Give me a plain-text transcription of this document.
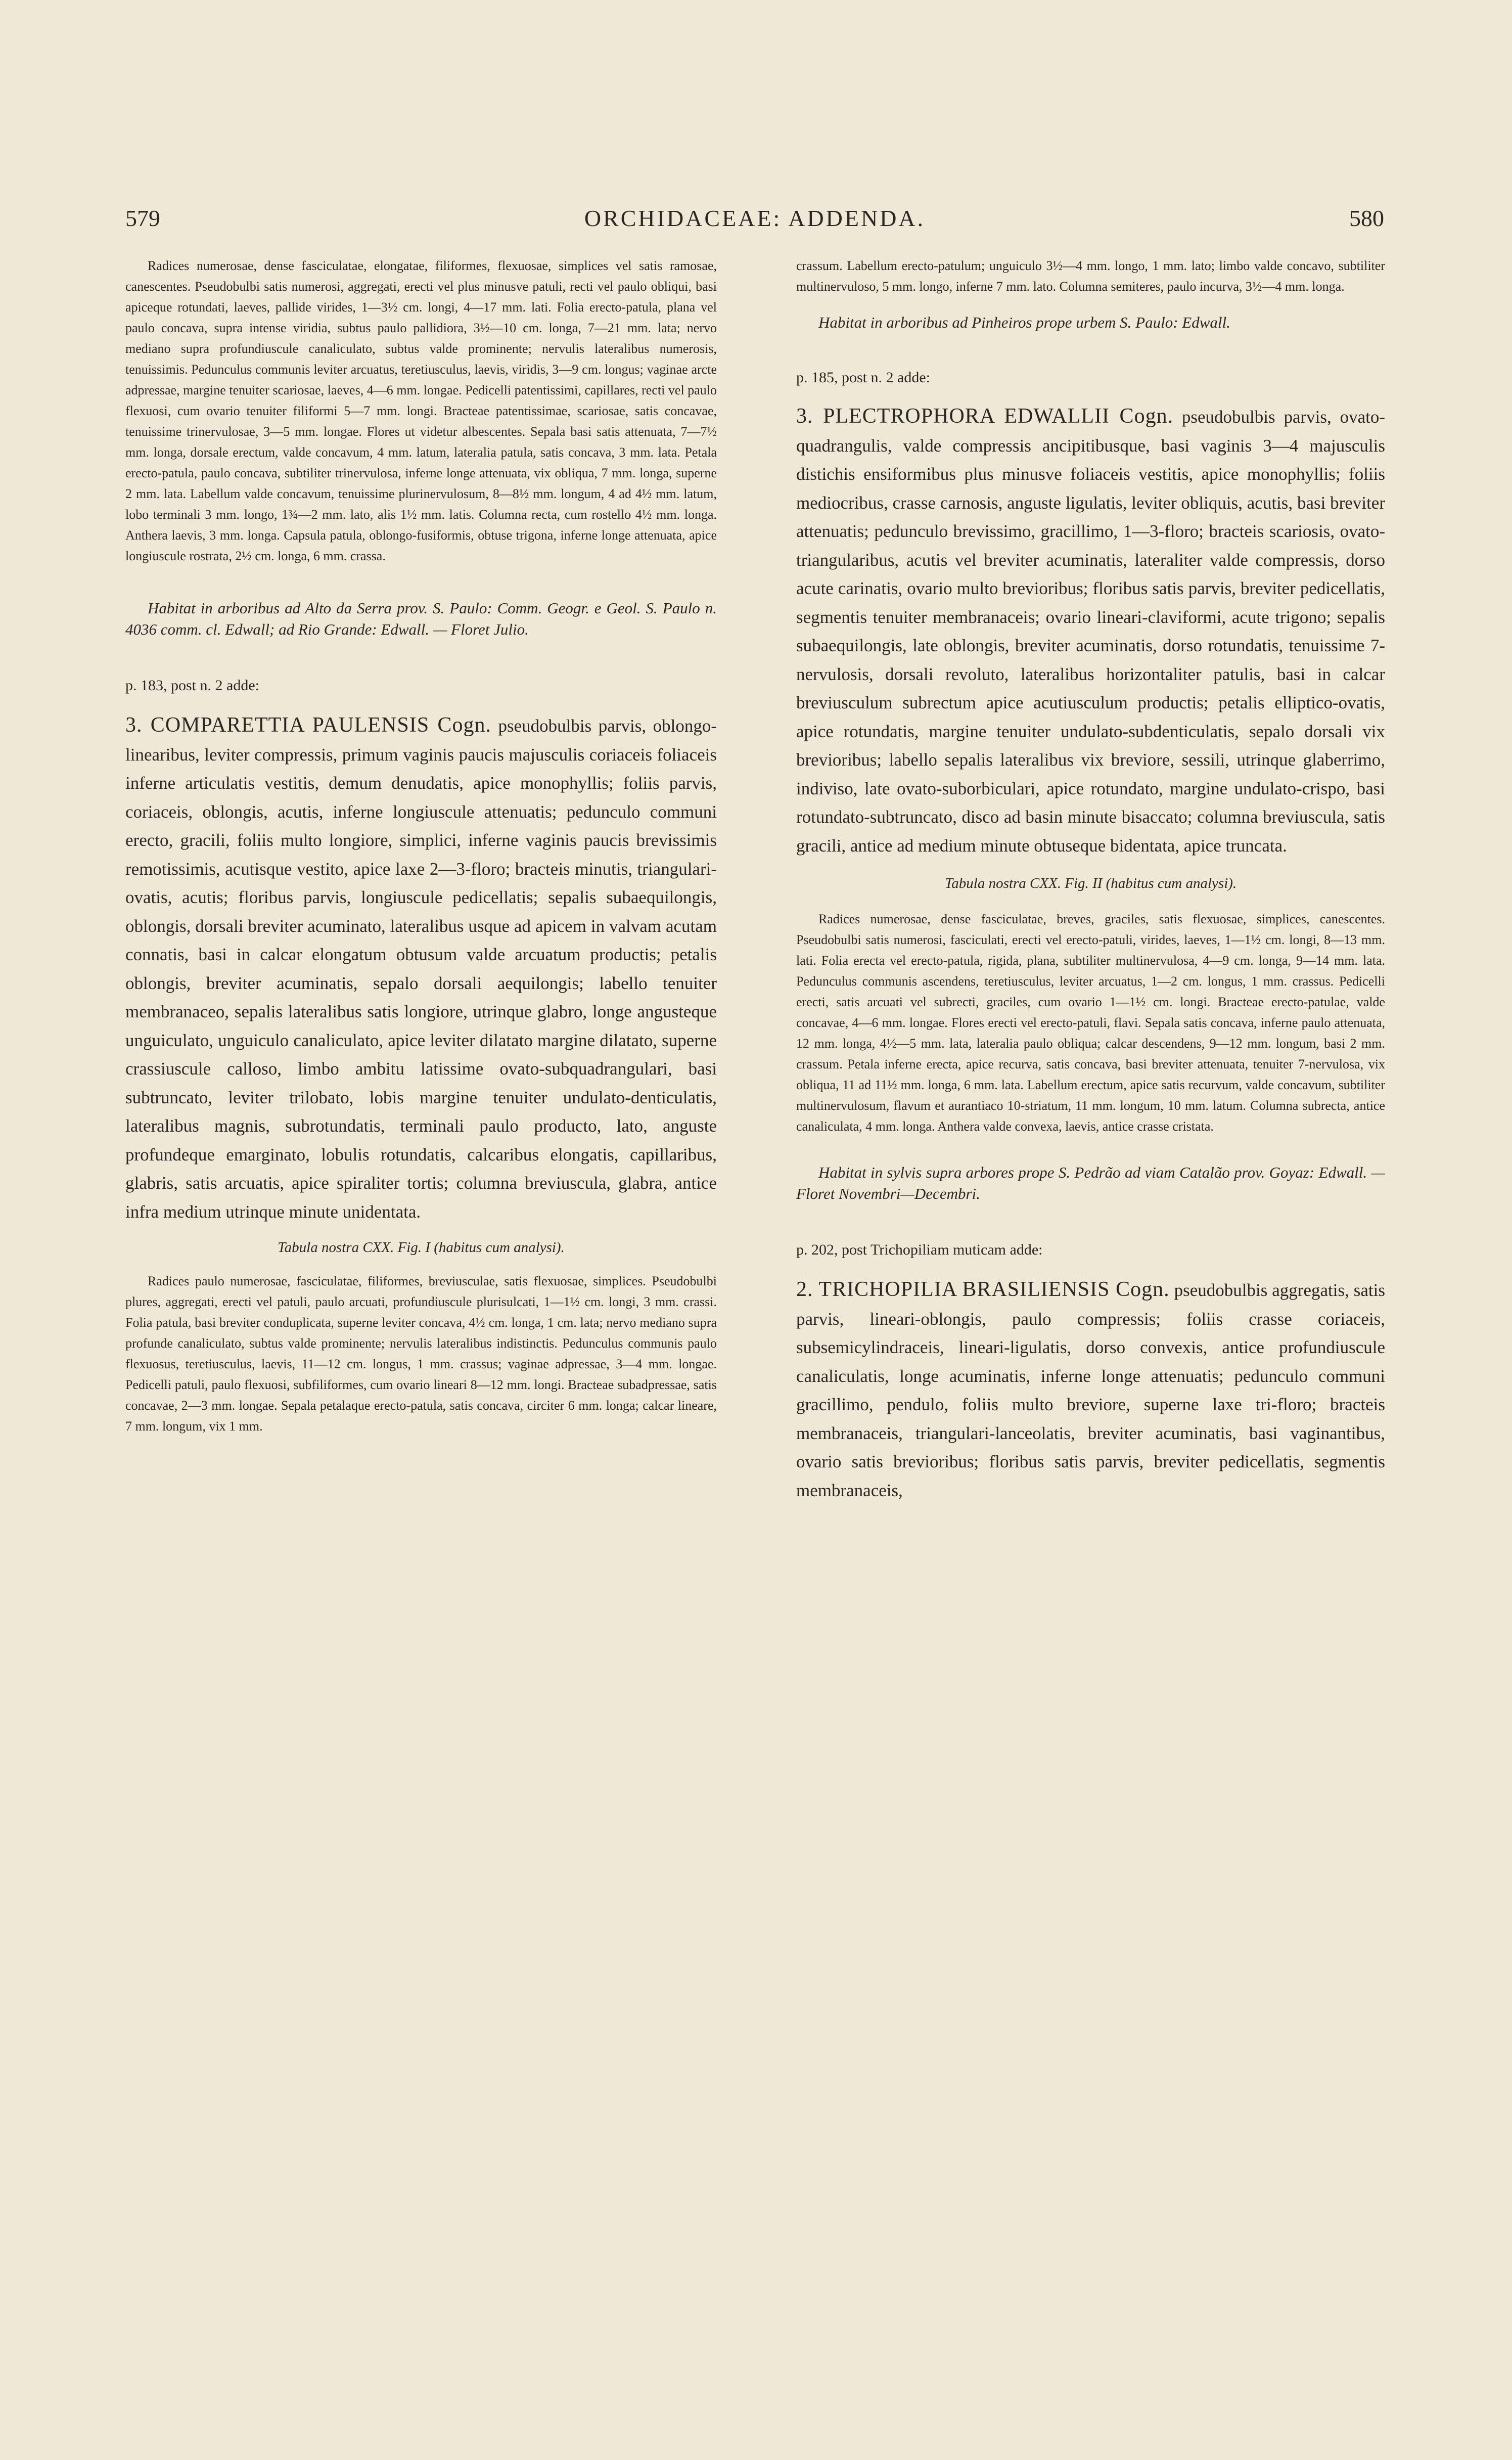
579	ORCHIDACEAE: ADDENDA.	580

Radices numerosae, dense fasciculatae, elongatae, filiformes, flexuosae, simplices vel satis ramosae, canescentes. Pseudobulbi satis numerosi, aggregati, erecti vel plus minusve patuli, recti vel paulo obliqui, basi apiceque rotundati, laeves, pallide virides, 1—3½ cm. longi, 4—17 mm. lati. Folia erecto-patula, plana vel paulo concava, supra intense viridia, subtus paulo pallidiora, 3½—10 cm. longa, 7—21 mm. lata; nervo mediano supra profundiuscule canaliculato, subtus valde prominente; nervulis lateralibus numerosis, tenuissimis. Pedunculus communis leviter arcuatus, teretiusculus, laevis, viridis, 3—9 cm. longus; vaginae arcte adpressae, margine tenuiter scariosae, laeves, 4—6 mm. longae. Pedicelli patentissimi, capillares, recti vel paulo flexuosi, cum ovario tenuiter filiformi 5—7 mm. longi. Bracteae patentissimae, scariosae, satis concavae, tenuissime trinervulosae, 3—5 mm. longae. Flores ut videtur albescentes. Sepala basi satis attenuata, 7—7½ mm. longa, dorsale erectum, valde concavum, 4 mm. latum, lateralia patula, satis concava, 3 mm. lata. Petala erecto-patula, paulo concava, subtiliter trinervulosa, inferne longe attenuata, vix obliqua, 7 mm. longa, superne 2 mm. lata. Labellum valde concavum, tenuissime plurinervulosum, 8—8½ mm. longum, 4 ad 4½ mm. latum, lobo terminali 3 mm. longo, 1¾—2 mm. lato, alis 1½ mm. latis. Columna recta, cum rostello 4½ mm. longa. Anthera laevis, 3 mm. longa. Capsula patula, oblongo-fusiformis, obtuse trigona, inferne longe attenuata, apice longiuscule rostrata, 2½ cm. longa, 6 mm. crassa.

Habitat in arboribus ad Alto da Serra prov. S. Paulo: Comm. Geogr. e Geol. S. Paulo n. 4036 comm. cl. Edwall; ad Rio Grande: Edwall. — Floret Julio.

p. 183, post n. 2 adde:

3. COMPARETTIA PAULENSIS Cogn. pseudobulbis parvis, oblongo-linearibus, leviter compressis, primum vaginis paucis majusculis coriaceis foliaceis inferne articulatis vestitis, demum denudatis, apice monophyllis; foliis parvis, coriaceis, oblongis, acutis, inferne longiuscule attenuatis; pedunculo communi erecto, gracili, foliis multo longiore, simplici, inferne vaginis paucis brevissimis remotissimis, acutisque vestito, apice laxe 2—3-floro; bracteis minutis, triangulari-ovatis, acutis; floribus parvis, longiuscule pedicellatis; sepalis subaequilongis, oblongis, dorsali breviter acuminato, lateralibus usque ad apicem in valvam acutam connatis, basi in calcar elongatum obtusum valde arcuatum productis; petalis oblongis, breviter acuminatis, sepalo dorsali aequilongis; labello tenuiter membranaceo, sepalis lateralibus satis longiore, utrinque glabro, longe angusteque unguiculato, unguiculo canaliculato, apice leviter dilatato margine dilatato, superne crassiuscule calloso, limbo ambitu latissime ovato-subquadrangulari, basi subtruncato, leviter trilobato, lobis margine tenuiter undulato-denticulatis, lateralibus magnis, subrotundatis, terminali paulo producto, lato, anguste profundeque emarginato, lobulis rotundatis, calcaribus elongatis, capillaribus, glabris, satis arcuatis, apice spiraliter tortis; columna breviuscula, glabra, antice infra medium utrinque minute unidentata.

Tabula nostra CXX. Fig. I (habitus cum analysi).

Radices paulo numerosae, fasciculatae, filiformes, breviusculae, satis flexuosae, simplices. Pseudobulbi plures, aggregati, erecti vel patuli, paulo arcuati, profundiuscule plurisulcati, 1—1½ cm. longi, 3 mm. crassi. Folia patula, basi breviter conduplicata, superne leviter concava, 4½ cm. longa, 1 cm. lata; nervo mediano supra profunde canaliculato, subtus valde prominente; nervulis lateralibus indistinctis. Pedunculus communis paulo flexuosus, teretiusculus, laevis, 11—12 cm. longus, 1 mm. crassus; vaginae adpressae, 3—4 mm. longae. Pedicelli patuli, paulo flexuosi, subfiliformes, cum ovario lineari 8—12 mm. longi. Bracteae subadpressae, satis concavae, 2—3 mm. longae. Sepala petalaque erecto-patula, satis concava, circiter 6 mm. longa; calcar lineare, 7 mm. longum, vix 1 mm.

crassum. Labellum erecto-patulum; unguiculo 3½—4 mm. longo, 1 mm. lato; limbo valde concavo, subtiliter multinervuloso, 5 mm. longo, inferne 7 mm. lato. Columna semiteres, paulo incurva, 3½—4 mm. longa.

Habitat in arboribus ad Pinheiros prope urbem S. Paulo: Edwall.

p. 185, post n. 2 adde:

3. PLECTROPHORA EDWALLII Cogn. pseudobulbis parvis, ovato-quadrangulis, valde compressis ancipitibusque, basi vaginis 3—4 majusculis distichis ensiformibus plus minusve foliaceis vestitis, apice monophyllis; foliis mediocribus, crasse carnosis, anguste ligulatis, leviter obliquis, acutis, basi breviter attenuatis; pedunculo brevissimo, gracillimo, 1—3-floro; bracteis scariosis, ovato-triangularibus, acutis vel breviter acuminatis, lateraliter valde compressis, dorso acute carinatis, ovario multo brevioribus; floribus satis parvis, breviter pedicellatis, segmentis tenuiter membranaceis; ovario lineari-claviformi, acute trigono; sepalis subaequilongis, late oblongis, breviter acuminatis, dorso rotundatis, tenuissime 7-nervulosis, dorsali revoluto, lateralibus horizontaliter patulis, basi in calcar breviusculum subrectum apice acutiusculum productis; petalis elliptico-ovatis, apice rotundatis, margine tenuiter undulato-subdenticulatis, sepalo dorsali vix brevioribus; labello sepalis lateralibus vix breviore, sessili, utrinque glaberrimo, indiviso, late ovato-suborbiculari, apice rotundato, margine undulato-crispo, basi rotundato-subtruncato, disco ad basin minute bisaccato; columna breviuscula, satis gracili, antice ad medium minute obtuseque bidentata, apice truncata.

Tabula nostra CXX. Fig. II (habitus cum analysi).

Radices numerosae, dense fasciculatae, breves, graciles, satis flexuosae, simplices, canescentes. Pseudobulbi satis numerosi, fasciculati, erecti vel erecto-patuli, virides, laeves, 1—1½ cm. longi, 8—13 mm. lati. Folia erecta vel erecto-patula, rigida, plana, subtiliter multinervulosa, 4—9 cm. longa, 9—14 mm. lata. Pedunculus communis ascendens, teretiusculus, leviter arcuatus, 1—2 cm. longus, 1 mm. crassus. Pedicelli erecti, satis arcuati vel subrecti, graciles, cum ovario 1—1½ cm. longi. Bracteae erecto-patulae, valde concavae, 4—6 mm. longae. Flores erecti vel erecto-patuli, flavi. Sepala satis concava, inferne paulo attenuata, 12 mm. longa, 4½—5 mm. lata, lateralia paulo obliqua; calcar descendens, 9—12 mm. longum, basi 2 mm. crassum. Petala inferne erecta, apice recurva, satis concava, basi breviter attenuata, tenuiter 7-nervulosa, vix obliqua, 11 ad 11½ mm. longa, 6 mm. lata. Labellum erectum, apice satis recurvum, valde concavum, subtiliter multinervulosum, flavum et aurantiaco 10-striatum, 11 mm. longum, 10 mm. latum. Columna subrecta, antice canaliculata, 4 mm. longa. Anthera valde convexa, laevis, antice crasse cristata.

Habitat in sylvis supra arbores prope S. Pedrão ad viam Catalão prov. Goyaz: Edwall. — Floret Novembri—Decembri.

p. 202, post Trichopiliam muticam adde:

2. TRICHOPILIA BRASILIENSIS Cogn. pseudobulbis aggregatis, satis parvis, lineari-oblongis, paulo compressis; foliis crasse coriaceis, subsemicylindraceis, lineari-ligulatis, dorso convexis, antice profundiuscule canaliculatis, longe acuminatis, inferne longe attenuatis; pedunculo communi gracillimo, pendulo, foliis multo breviore, superne laxe tri-floro; bracteis membranaceis, triangulari-lanceolatis, breviter acuminatis, basi vaginantibus, ovario satis brevioribus; floribus satis parvis, breviter pedicellatis, segmentis membranaceis,
